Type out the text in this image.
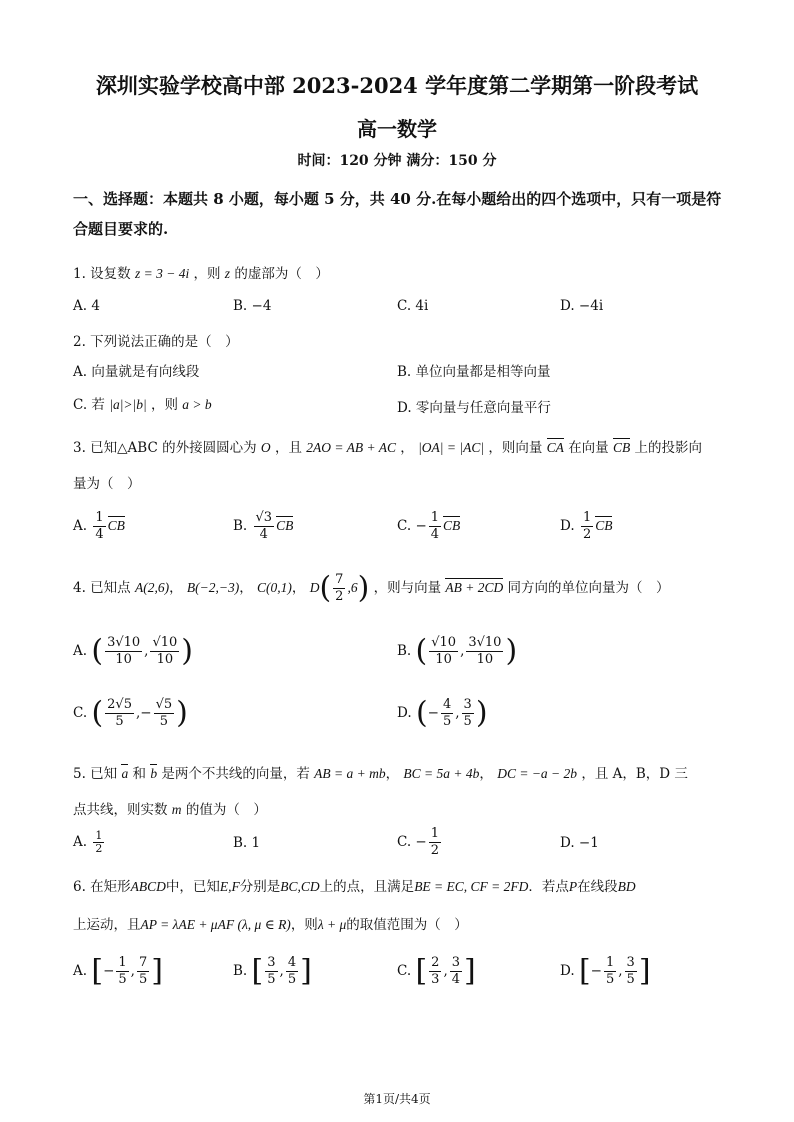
深圳实验学校高中部 2023-2024 学年度第二学期第一阶段考试
高一数学
时间：120 分钟 满分：150 分
一、选择题：本题共 8 小题，每小题 5 分，共 40 分.在每小题给出的四个选项中，只有一项是符合题目要求的.
1. 设复数 z = 3 − 4i ，则 z 的虚部为（　）
A. 4	B. −4	C. 4i	D. −4i
2. 下列说法正确的是（　）
A. 向量就是有向线段	B. 单位向量都是相等向量
C. 若 |a|>|b| ，则 a > b	D. 零向量与任意向量平行
3. 已知△ABC 的外接圆圆心为 O ，且 2AO = AB + AC ， |OA| = |AC| ，则向量 CA 在向量 CB 上的投影向
量为（　）
A. $\frac{1}{4}$ CB	B. $\frac{√3}{4}$ CB	C. − $\frac{1}{4}$ CB	D. $\frac{1}{2}$ CB
4. 已知点 A(2,6)， B(−2,−3)， C(0,1)， $D( \frac{7}{2} ,6)$ ，则与向量 AB + 2CD 同方向的单位向量为（　）
A. ( $\frac{3√10}{10}$ , $\frac{√10}{10}$ )	B. ( $\frac{√10}{10}$ , $\frac{3√10}{10}$ )
C. ( $\frac{2√5}{5}$ ,− $\frac{√5}{5}$ )	D. (− $\frac{4}{5}$ , $\frac{3}{5}$ )
5. 已知 a 和 b 是两个不共线的向量，若 AB = a + mb， BC = 5a + 4b， DC = −a − 2b ，且 A，B，D 三
点共线，则实数 m 的值为（　）
A. $\frac{1}{2}$	B. 1	C. − $\frac{1}{2}$	D. −1
6. 在矩形ABCD中，已知E,F分别是BC,CD上的点，且满足BE = EC, CF = 2FD．若点P在线段BD
上运动，且AP = λAE + μAF (λ, μ ∈ R)，则λ + μ的取值范围为（　）
A. [− $\frac{1}{5}$ , $\frac{7}{5}$ ]	B. [ $\frac{3}{5}$ , $\frac{4}{5}$ ]	C. [ $\frac{2}{3}$ , $\frac{3}{4}$ ]	D. [− $\frac{1}{5}$ , $\frac{3}{5}$ ]
第1页/共4页
